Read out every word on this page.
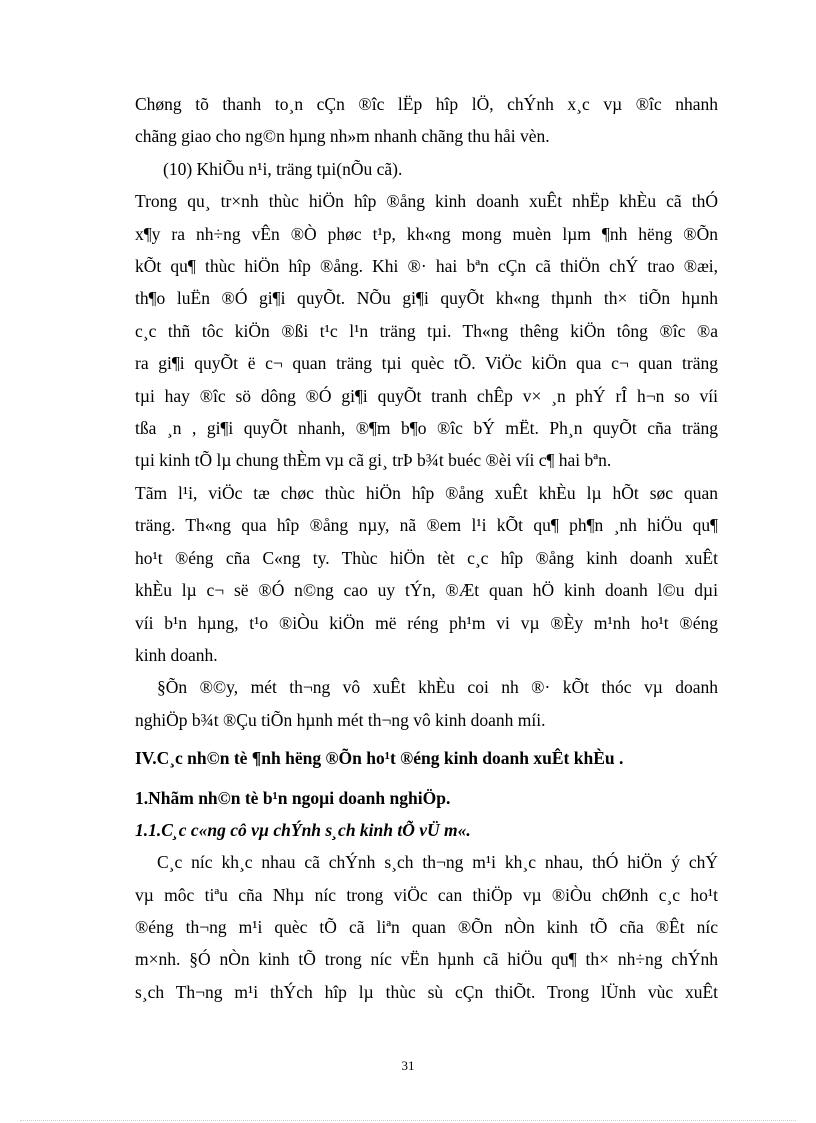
Chøng tõ thanh to¸n cÇn ®îc lËp hîp lÖ, chÝnh x¸c vµ ®îc nhanh
chãng giao cho ng©n hµng nh»m nhanh chãng thu håi vèn.
(10) KhiÕu n¹i, träng tµi(nÕu cã).
Trong qu¸ tr×nh thùc hiÖn hîp ®ång kinh doanh xuÊt nhËp khÈu cã thÓ
x¶y ra nh÷ng vÊn ®Ò phøc t¹p, kh«ng mong muèn lµm ¶nh hëng ®Õn
kÕt qu¶ thùc hiÖn hîp ®ång. Khi ®· hai bªn cÇn cã thiÖn chÝ trao ®æi,
th¶o luËn ®Ó gi¶i quyÕt. NÕu gi¶i quyÕt kh«ng thµnh th× tiÕn hµnh
c¸c thñ tôc kiÖn ®ßi t¹c l¹n träng tµi. Th«ng thêng kiÖn tông ®îc ®a
ra gi¶i quyÕt ë c¬ quan träng tµi quèc tÕ. ViÖc kiÖn qua c¬ quan träng
tµi hay ®îc sö dông ®Ó gi¶i quyÕt tranh chÊp v× ¸n phÝ rÎ h¬n so víi
tßa ¸n , gi¶i quyÕt nhanh, ®¶m b¶o ®îc bÝ mËt. Ph¸n quyÕt cña träng
tµi kinh tÕ lµ chung thÈm vµ cã gi¸ trÞ b¾t buéc ®èi víi c¶ hai bªn.
Tãm l¹i, viÖc tæ chøc thùc hiÖn hîp ®ång xuÊt khÈu lµ hÕt søc quan
träng. Th«ng qua hîp ®ång nµy, nã ®em l¹i kÕt qu¶ ph¶n ¸nh hiÖu qu¶
ho¹t ®éng cña C«ng ty. Thùc hiÖn tèt c¸c hîp ®ång kinh doanh xuÊt
khÈu lµ c¬ së ®Ó n©ng cao uy tÝn, ®Æt quan hÖ kinh doanh l©u dµi
víi b¹n hµng, t¹o ®iÒu kiÖn më réng ph¹m vi vµ ®Èy m¹nh ho¹t ®éng
kinh doanh.
§Õn ®©y, mét th¬ng vô xuÊt khÈu coi nh ®· kÕt thóc vµ doanh
nghiÖp b¾t ®Çu tiÕn hµnh mét th¬ng vô kinh doanh míi.
IV.C¸c nh©n tè ¶nh hëng ®Õn ho¹t ®éng kinh doanh xuÊt khÈu .
1.Nhãm nh©n tè b¹n ngoµi doanh nghiÖp.
1.1.C¸c c«ng cô vµ chÝnh s¸ch kinh tÕ vÜ m«.
C¸c níc kh¸c nhau cã chÝnh s¸ch th¬ng m¹i kh¸c nhau, thÓ hiÖn ý chÝ
vµ môc tiªu cña Nhµ níc trong viÖc can thiÖp vµ ®iÒu chØnh c¸c ho¹t
®éng th¬ng m¹i quèc tÕ cã liªn quan ®Õn nÒn kinh tÕ cña ®Êt níc
m×nh. §Ó nÒn kinh tÕ trong níc vËn hµnh cã hiÖu qu¶ th× nh÷ng chÝnh
s¸ch Th¬ng m¹i thÝch hîp lµ thùc sù cÇn thiÕt. Trong lÜnh vùc xuÊt
31
